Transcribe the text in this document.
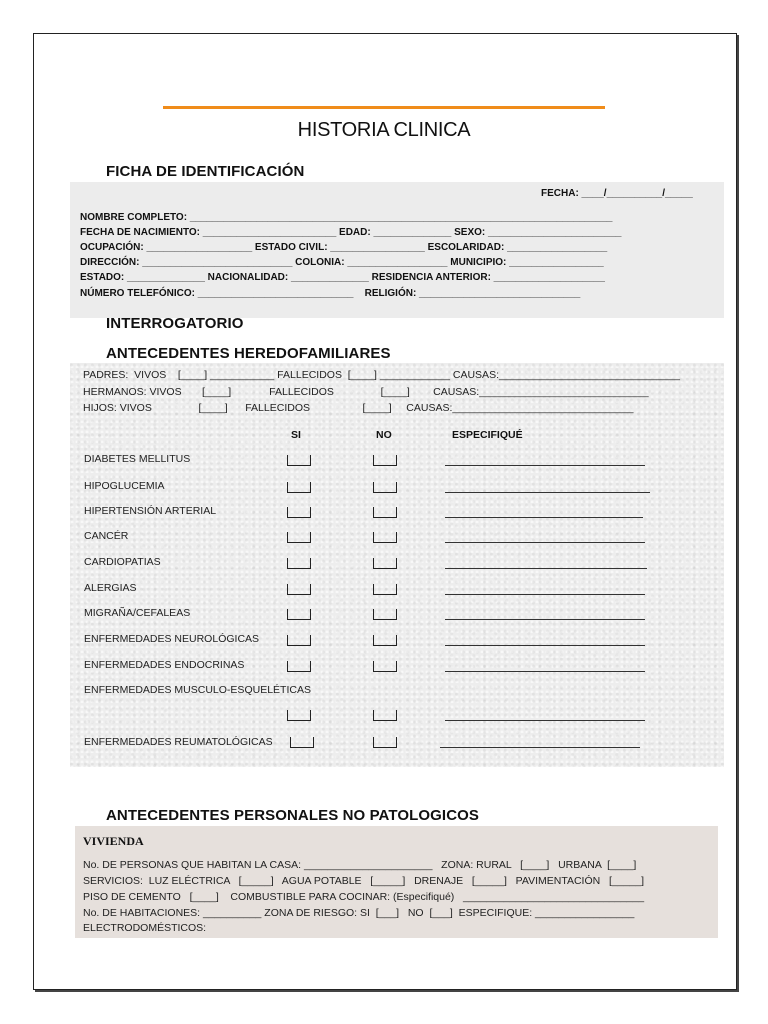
HISTORIA CLINICA
FICHA DE IDENTIFICACIÓN
FECHA: ____/__________/_____
NOMBRE COMPLETO: ____________________________________________________________________________
FECHA DE NACIMIENTO: ________________________ EDAD: ______________ SEXO: ________________________
OCUPACIÓN: ___________________ ESTADO CIVIL: _________________ ESCOLARIDAD: __________________
DIRECCIÓN: ___________________________ COLONIA: __________________ MUNICIPIO: _________________
ESTADO: ______________ NACIONALIDAD: ______________ RESIDENCIA ANTERIOR: ____________________
NÚMERO TELEFÓNICO: ____________________________    RELIGIÓN: _____________________________
INTERROGATORIO
ANTECEDENTES HEREDOFAMILIARES
PADRES:  VIVOS    [____] ___________ FALLECIDOS  [____] ____________ CAUSAS:_______________________________
HERMANOS: VIVOS       [____]             FALLECIDOS                [____]        CAUSAS:_____________________________
HIJOS: VIVOS                [____]      FALLECIDOS                  [____]     CAUSAS:_______________________________
SI	NO	ESPECIFIQUÉ
DIABETES MELLITUS
HIPOGLUCEMIA
HIPERTENSIÓN ARTERIAL
CANCÉR
CARDIOPATIAS
ALERGIAS
MIGRAÑA/CEFALEAS
ENFERMEDADES NEUROLÓGICAS
ENFERMEDADES ENDOCRINAS
ENFERMEDADES MUSCULO-ESQUELÉTICAS
ENFERMEDADES REUMATOLÓGICAS
ANTECEDENTES PERSONALES NO PATOLOGICOS
VIVIENDA
No. DE PERSONAS QUE HABITAN LA CASA: ______________________   ZONA: RURAL   [____]   URBANA  [____]
SERVICIOS:  LUZ ELÉCTRICA   [_____]   AGUA POTABLE   [_____]   DRENAJE   [_____]   PAVIMENTACIÓN   [_____]
PISO DE CEMENTO   [____]    COMBUSTIBLE PARA COCINAR: (Especifiqué)   _______________________________
No. DE HABITACIONES: __________ ZONA DE RIESGO: SI  [___]   NO  [___]  ESPECIFIQUE: _________________
ELECTRODOMÉSTICOS:
